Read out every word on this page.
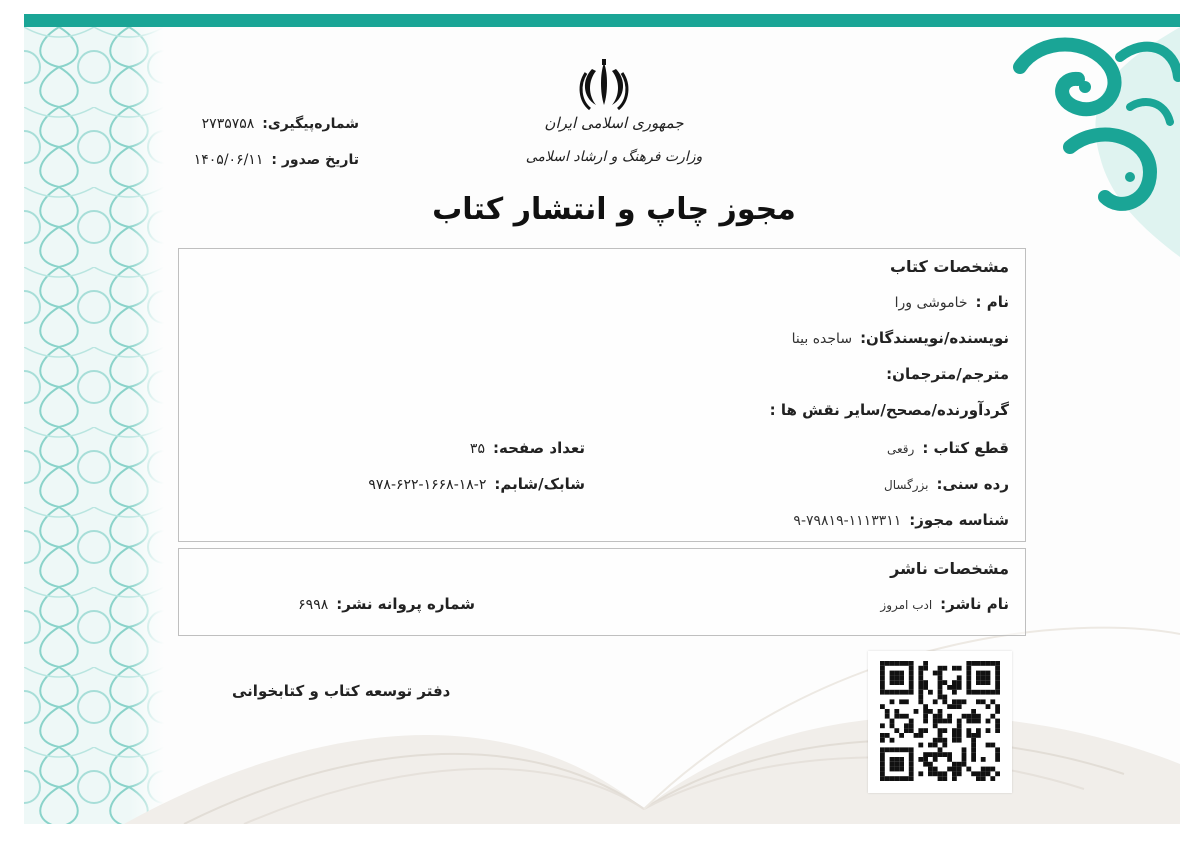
جمهوری اسلامی ایران
وزارت فرهنگ و ارشاد اسلامی
مجوز چاپ و انتشار کتاب
شماره‌پیگیری:
۲۷۳۵۷۵۸
تاریخ صدور :
۱۴۰۵/۰۶/۱۱
مشخصات کتاب
نام :
خاموشی ورا
نویسنده/نویسندگان:
ساجده بینا
مترجم/مترجمان:
گردآورنده/مصحح/سایر نقش ها :
قطع کتاب :
رقعی
تعداد صفحه:
۳۵
رده سنی:
بزرگسال
شابک/شابم:
۹۷۸-۶۲۲-۱۶۶۸-۱۸-۲
شناسه مجوز:
۹-۷۹۸۱۹-۱۱۱۳۳۱۱
مشخصات ناشر
نام ناشر:
ادب امروز
شماره پروانه نشر:
۶۹۹۸
دفتر توسعه کتاب و کتابخوانی
